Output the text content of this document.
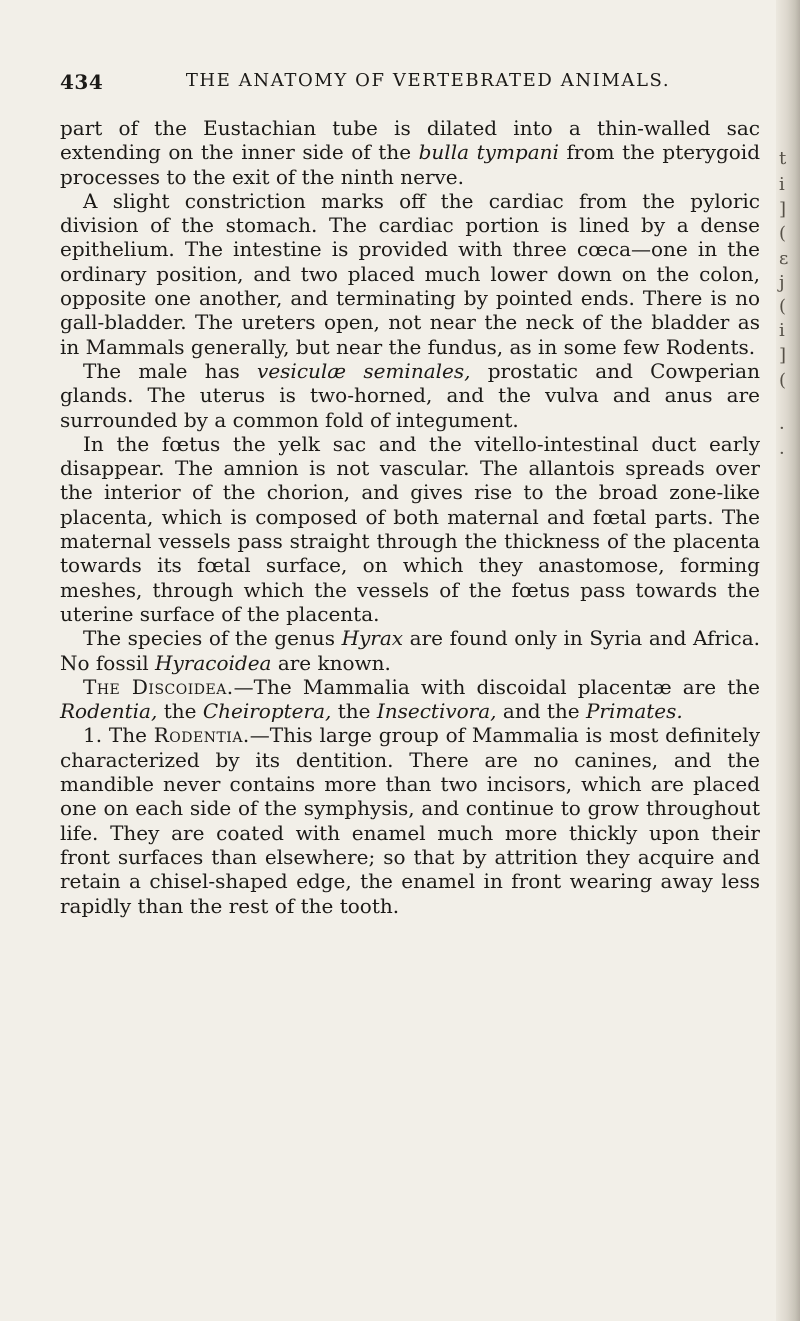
434	THE ANATOMY OF VERTEBRATED ANIMALS.

part of the Eustachian tube is dilated into a thin-walled sac extending on the inner side of the bulla tympani from the pterygoid processes to the exit of the ninth nerve.

A slight constriction marks off the cardiac from the pyloric division of the stomach. The cardiac portion is lined by a dense epithelium. The intestine is provided with three cœca—one in the ordinary position, and two placed much lower down on the colon, opposite one another, and terminating by pointed ends. There is no gall-bladder. The ureters open, not near the neck of the bladder as in Mammals generally, but near the fundus, as in some few Rodents.

The male has vesiculæ seminales, prostatic and Cowperian glands. The uterus is two-horned, and the vulva and anus are surrounded by a common fold of integument.

In the fœtus the yelk sac and the vitello-intestinal duct early disappear. The amnion is not vascular. The allantois spreads over the interior of the chorion, and gives rise to the broad zone-like placenta, which is composed of both maternal and fœtal parts. The maternal vessels pass straight through the thickness of the placenta towards its fœtal surface, on which they anastomose, forming meshes, through which the vessels of the fœtus pass towards the uterine surface of the placenta.

The species of the genus Hyrax are found only in Syria and Africa. No fossil Hyracoidea are known.

The Discoidea.—The Mammalia with discoidal placentæ are the Rodentia, the Cheiroptera, the Insectivora, and the Primates.

1. The Rodentia.—This large group of Mammalia is most definitely characterized by its dentition. There are no canines, and the mandible never contains more than two incisors, which are placed one on each side of the symphysis, and continue to grow throughout life. They are coated with enamel much more thickly upon their front surfaces than elsewhere; so that by attrition they acquire and retain a chisel-shaped edge, the enamel in front wearing away less rapidly than the rest of the tooth.

t
i
]
(
ε
j
(
i
]
(
·
·
